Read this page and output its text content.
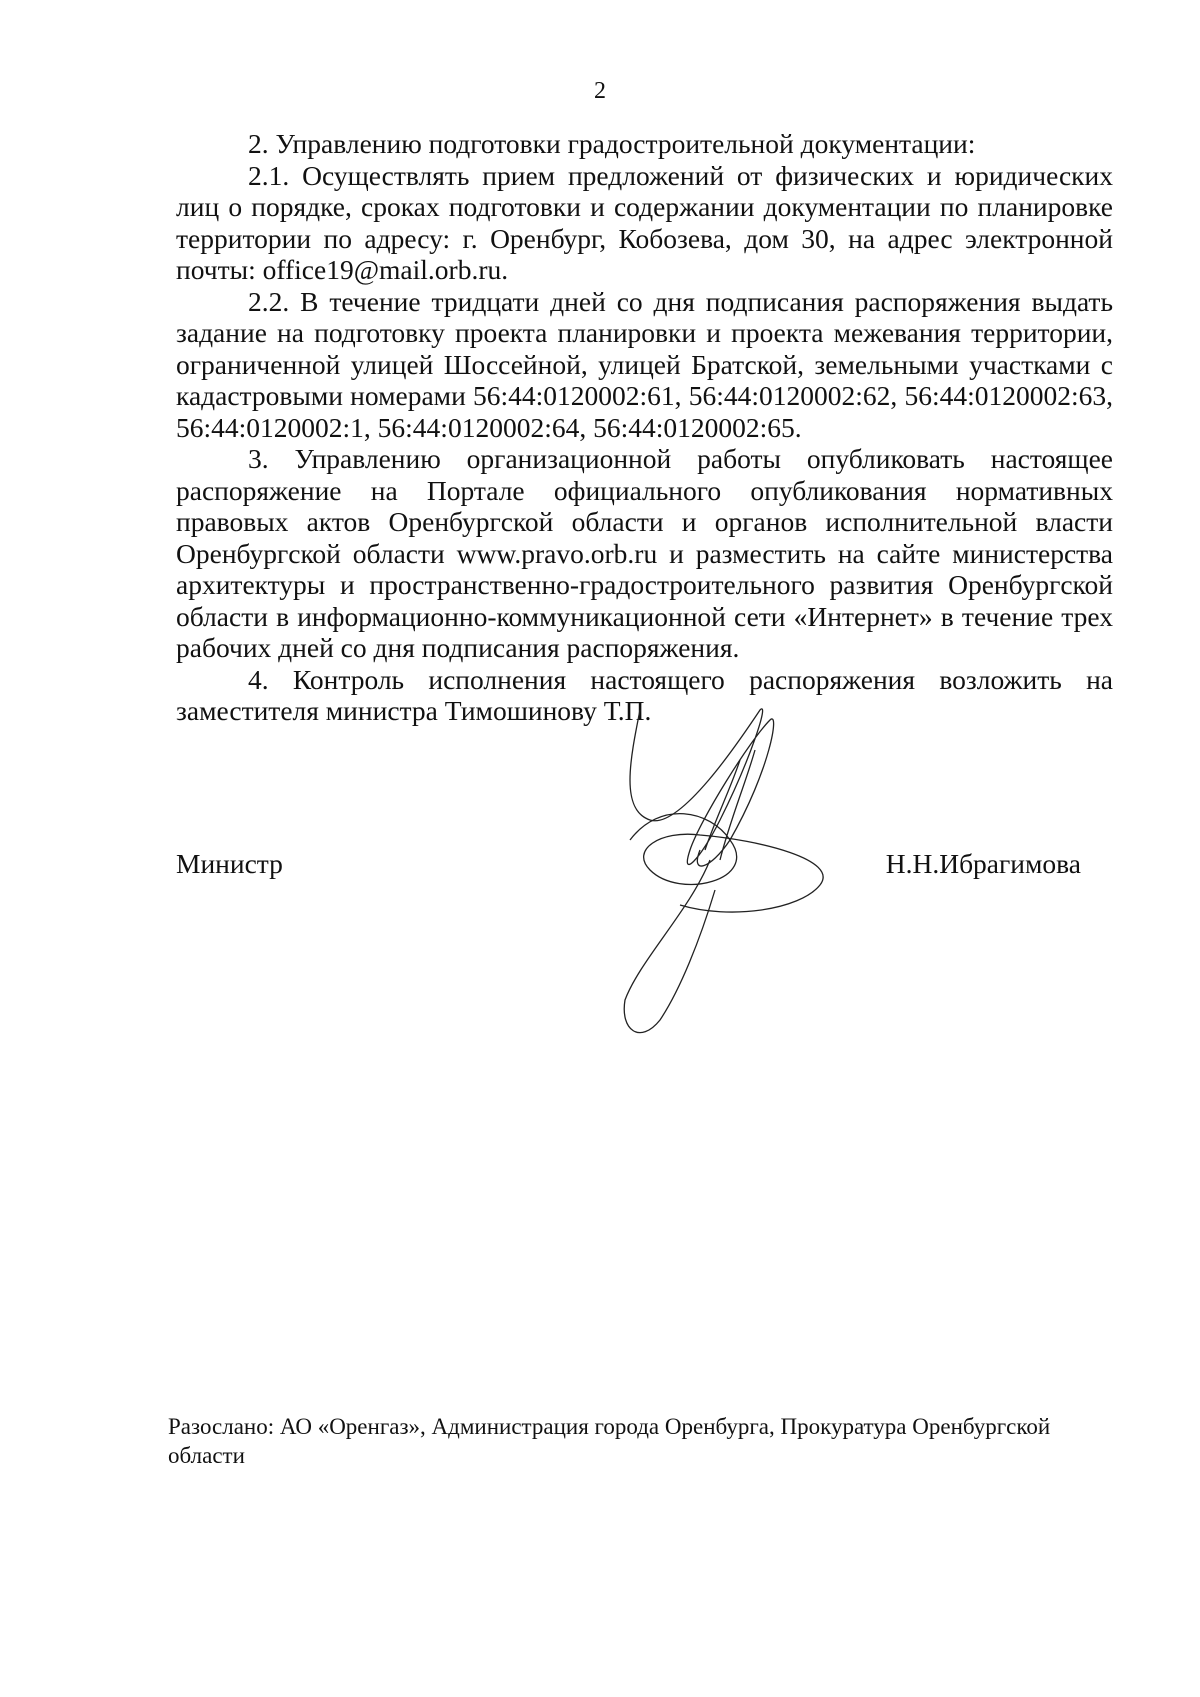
2

2. Управлению подготовки градостроительной документации:

2.1. Осуществлять прием предложений от физических и юридических лиц о порядке, сроках подготовки и содержании документации по планировке территории по адресу: г. Оренбург, Кобозева, дом 30, на адрес электронной почты: office19@mail.orb.ru.

2.2. В течение тридцати дней со дня подписания распоряжения выдать задание на подготовку проекта планировки и проекта межевания территории, ограниченной улицей Шоссейной, улицей Братской, земельными участками с кадастровыми номерами 56:44:0120002:61, 56:44:0120002:62, 56:44:0120002:63, 56:44:0120002:1, 56:44:0120002:64, 56:44:0120002:65.

3. Управлению организационной работы опубликовать настоящее распоряжение на Портале официального опубликования нормативных правовых актов Оренбургской области и органов исполнительной власти Оренбургской области www.pravo.orb.ru и разместить на сайте министерства архитектуры и пространственно-градостроительного развития Оренбургской области в информационно-коммуникационной сети «Интернет» в течение трех рабочих дней со дня подписания распоряжения.

4. Контроль исполнения настоящего распоряжения возложить на заместителя министра Тимошинову Т.П.

Министр	Н.Н.Ибрагимова
Разослано: АО «Оренгаз», Администрация города Оренбурга, Прокуратура Оренбургской области
